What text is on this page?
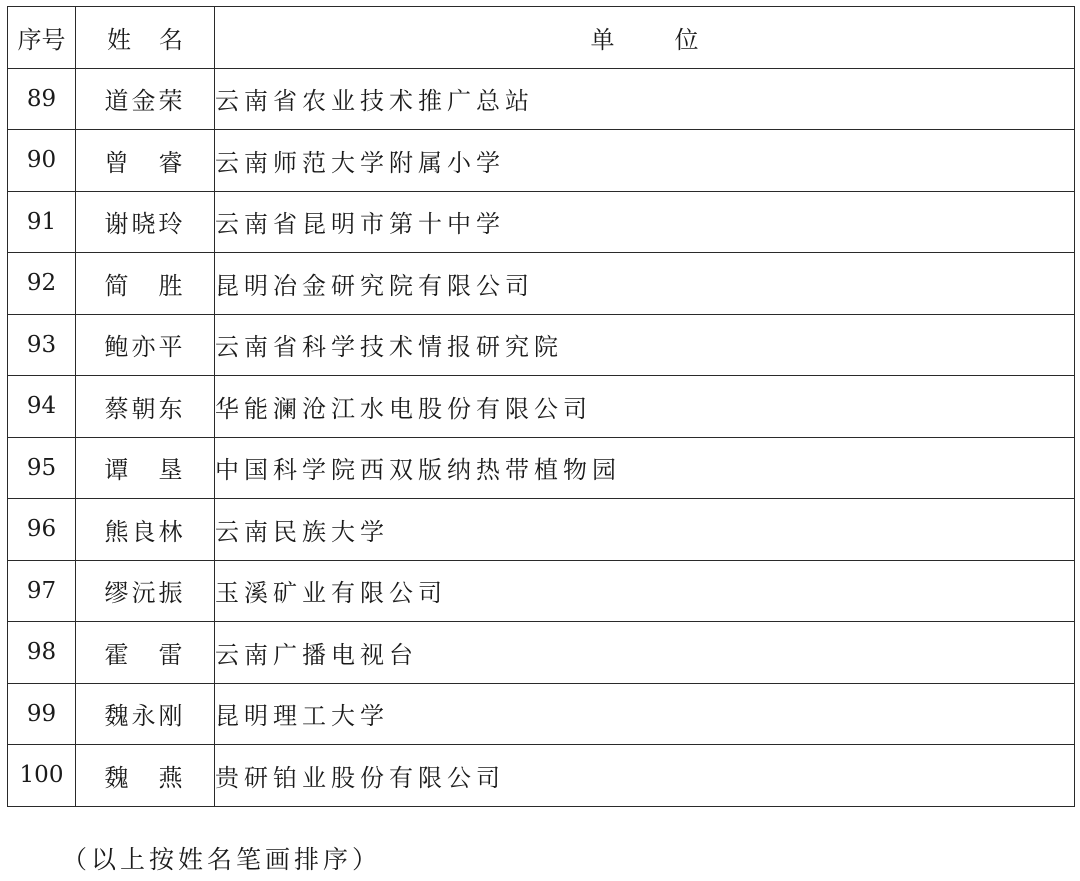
序号	姓名	单位
89	道金荣	云南省农业技术推广总站
90	曾　睿	云南师范大学附属小学
91	谢晓玲	云南省昆明市第十中学
92	简　胜	昆明冶金研究院有限公司
93	鲍亦平	云南省科学技术情报研究院
94	蔡朝东	华能澜沧江水电股份有限公司
95	谭　垦	中国科学院西双版纳热带植物园
96	熊良林	云南民族大学
97	缪沅振	玉溪矿业有限公司
98	霍　雷	云南广播电视台
99	魏永刚	昆明理工大学
100	魏　燕	贵研铂业股份有限公司
（以上按姓名笔画排序）
